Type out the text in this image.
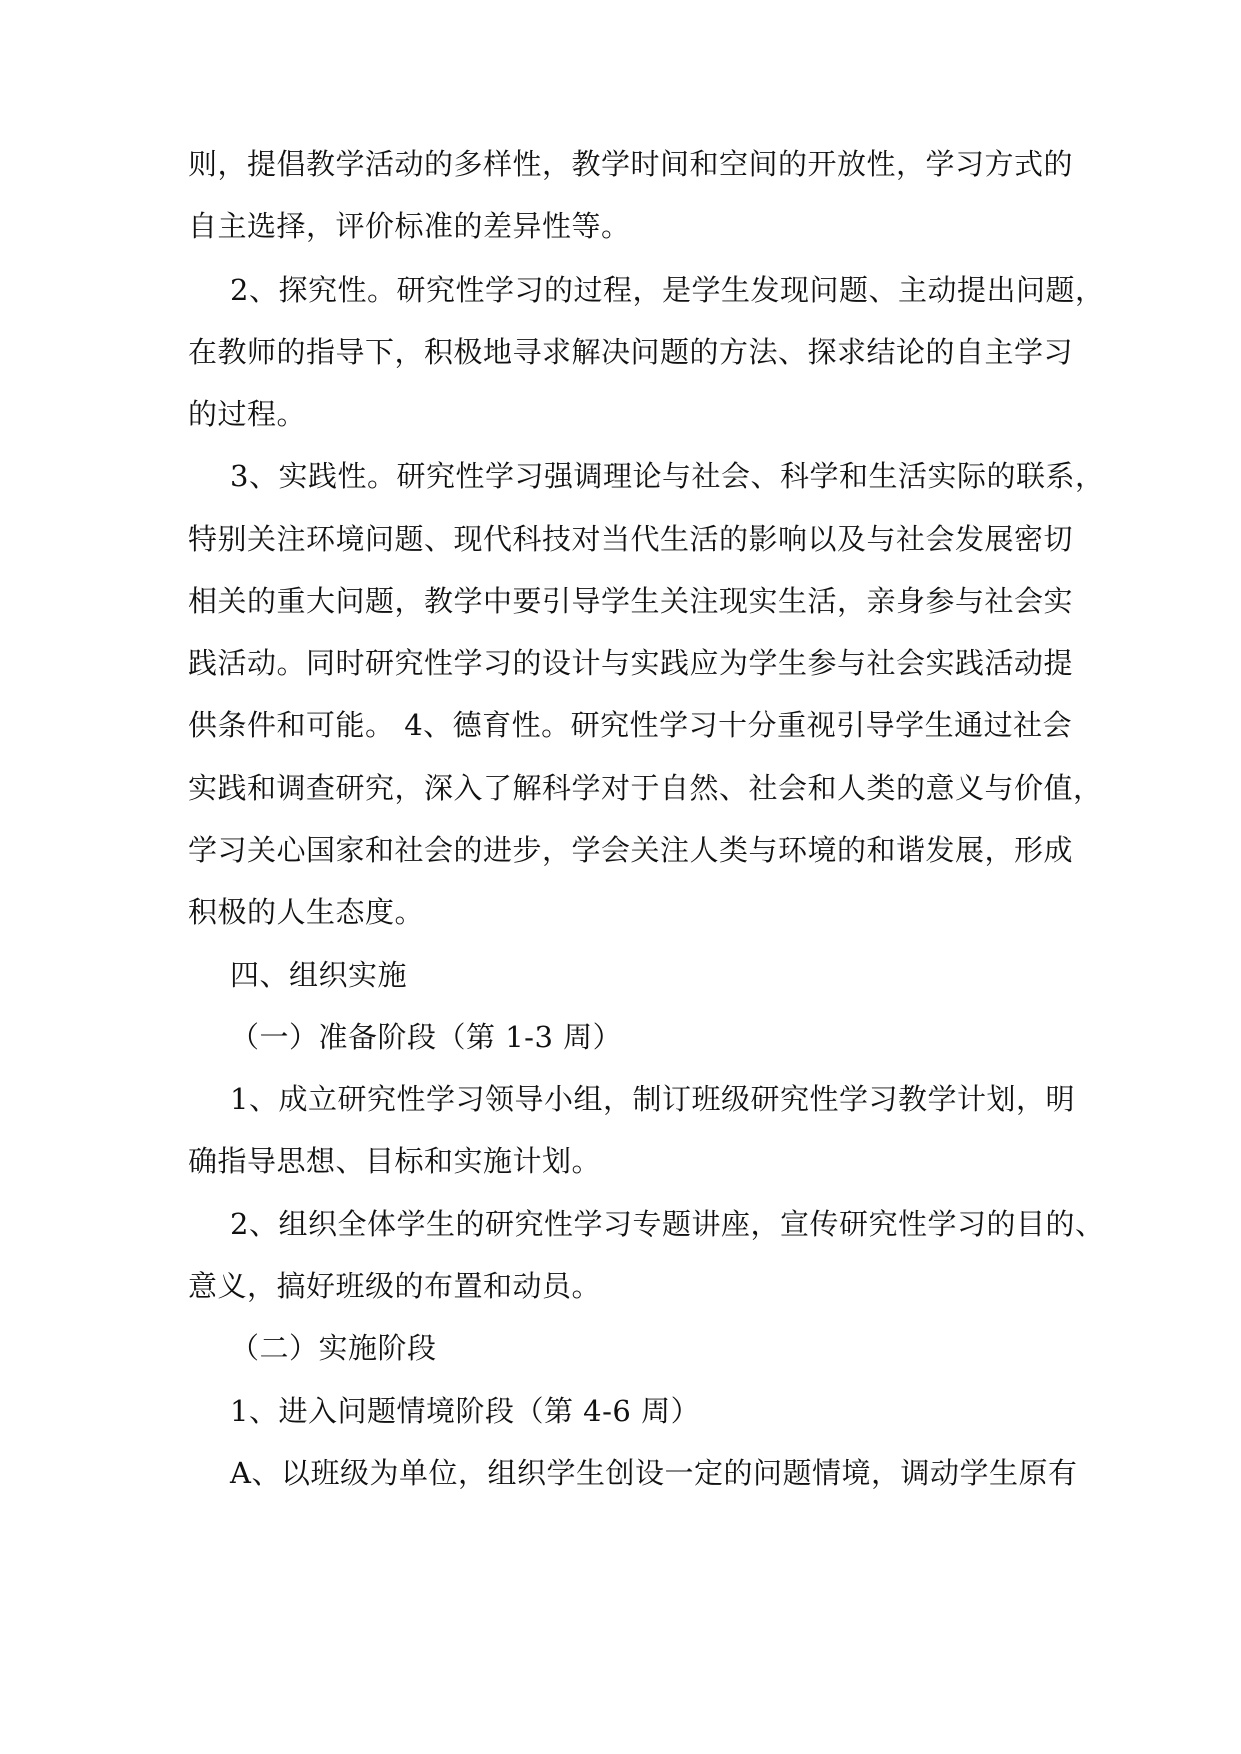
则，提倡教学活动的多样性，教学时间和空间的开放性，学习方式的
自主选择，评价标准的差异性等。
2、探究性。研究性学习的过程，是学生发现问题、主动提出问题，
在教师的指导下，积极地寻求解决问题的方法、探求结论的自主学习
的过程。
3、实践性。研究性学习强调理论与社会、科学和生活实际的联系，
特别关注环境问题、现代科技对当代生活的影响以及与社会发展密切
相关的重大问题，教学中要引导学生关注现实生活，亲身参与社会实
践活动。同时研究性学习的设计与实践应为学生参与社会实践活动提
供条件和可能。 4、德育性。研究性学习十分重视引导学生通过社会
实践和调查研究，深入了解科学对于自然、社会和人类的意义与价值，
学习关心国家和社会的进步，学会关注人类与环境的和谐发展，形成
积极的人生态度。
四、组织实施
（一）准备阶段（第 1-3 周）
1、成立研究性学习领导小组，制订班级研究性学习教学计划，明
确指导思想、目标和实施计划。
2、组织全体学生的研究性学习专题讲座，宣传研究性学习的目的、
意义，搞好班级的布置和动员。
（二）实施阶段
1、进入问题情境阶段（第 4-6 周）
A、以班级为单位，组织学生创设一定的问题情境，调动学生原有
